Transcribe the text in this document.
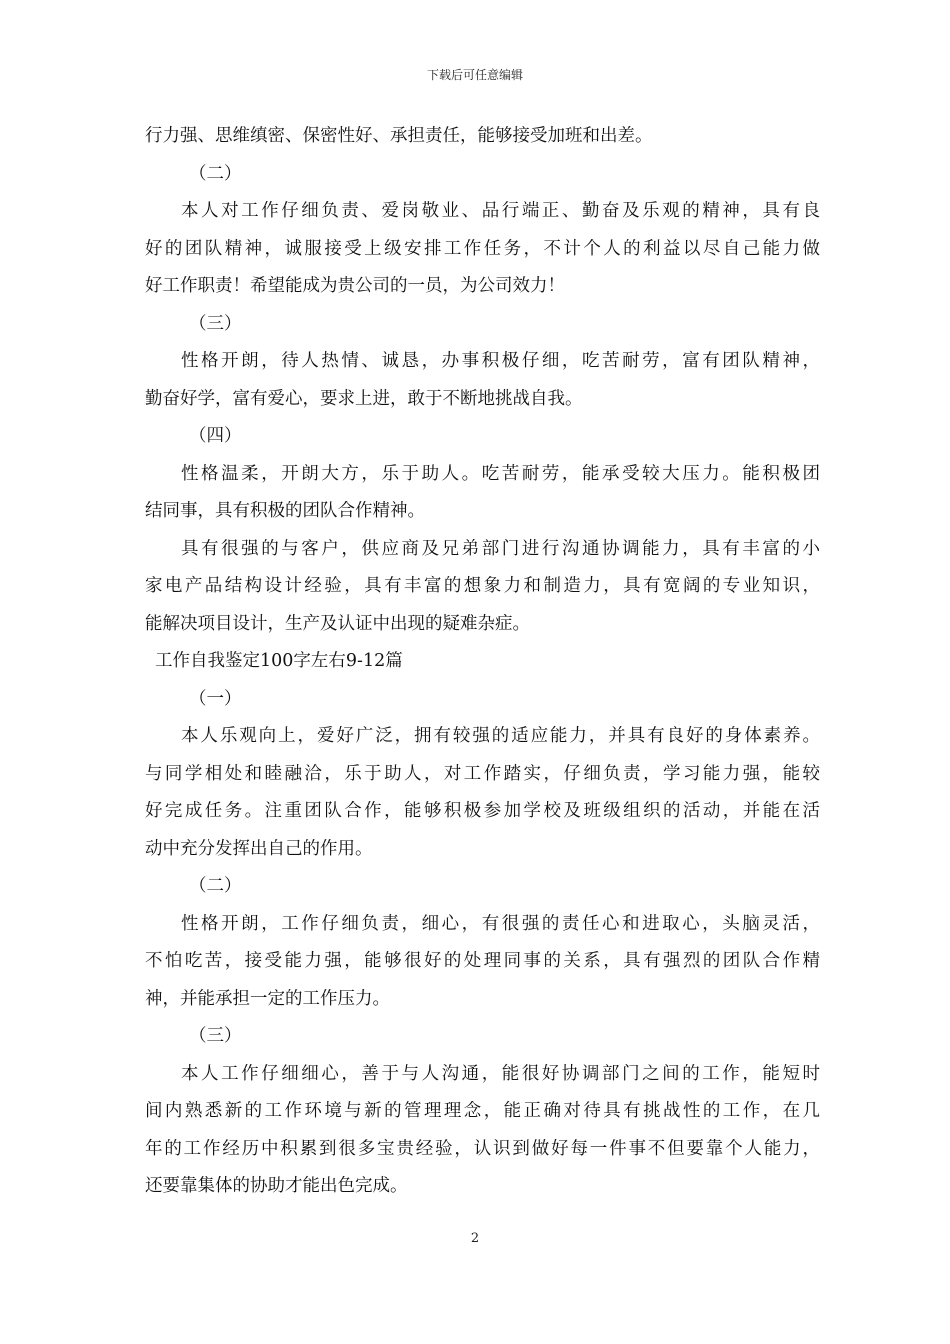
下载后可任意编辑
行力强、思维缜密、保密性好、承担责任，能够接受加班和出差。
（二）
本人对工作仔细负责、爱岗敬业、品行端正、勤奋及乐观的精神，具有良
好的团队精神，诚服接受上级安排工作任务，不计个人的利益以尽自己能力做
好工作职责！希望能成为贵公司的一员，为公司效力！
（三）
性格开朗，待人热情、诚恳，办事积极仔细，吃苦耐劳，富有团队精神，
勤奋好学，富有爱心，要求上进，敢于不断地挑战自我。
（四）
性格温柔，开朗大方，乐于助人。吃苦耐劳，能承受较大压力。能积极团
结同事，具有积极的团队合作精神。
具有很强的与客户，供应商及兄弟部门进行沟通协调能力，具有丰富的小
家电产品结构设计经验，具有丰富的想象力和制造力，具有宽阔的专业知识，
能解决项目设计，生产及认证中出现的疑难杂症。
工作自我鉴定100字左右9-12篇
（一）
本人乐观向上，爱好广泛，拥有较强的适应能力，并具有良好的身体素养。
与同学相处和睦融洽，乐于助人，对工作踏实，仔细负责，学习能力强，能较
好完成任务。注重团队合作，能够积极参加学校及班级组织的活动，并能在活
动中充分发挥出自己的作用。
（二）
性格开朗，工作仔细负责，细心，有很强的责任心和进取心，头脑灵活，
不怕吃苦，接受能力强，能够很好的处理同事的关系，具有强烈的团队合作精
神，并能承担一定的工作压力。
（三）
本人工作仔细细心，善于与人沟通，能很好协调部门之间的工作，能短时
间内熟悉新的工作环境与新的管理理念，能正确对待具有挑战性的工作，在几
年的工作经历中积累到很多宝贵经验，认识到做好每一件事不但要靠个人能力，
还要靠集体的协助才能出色完成。
2
